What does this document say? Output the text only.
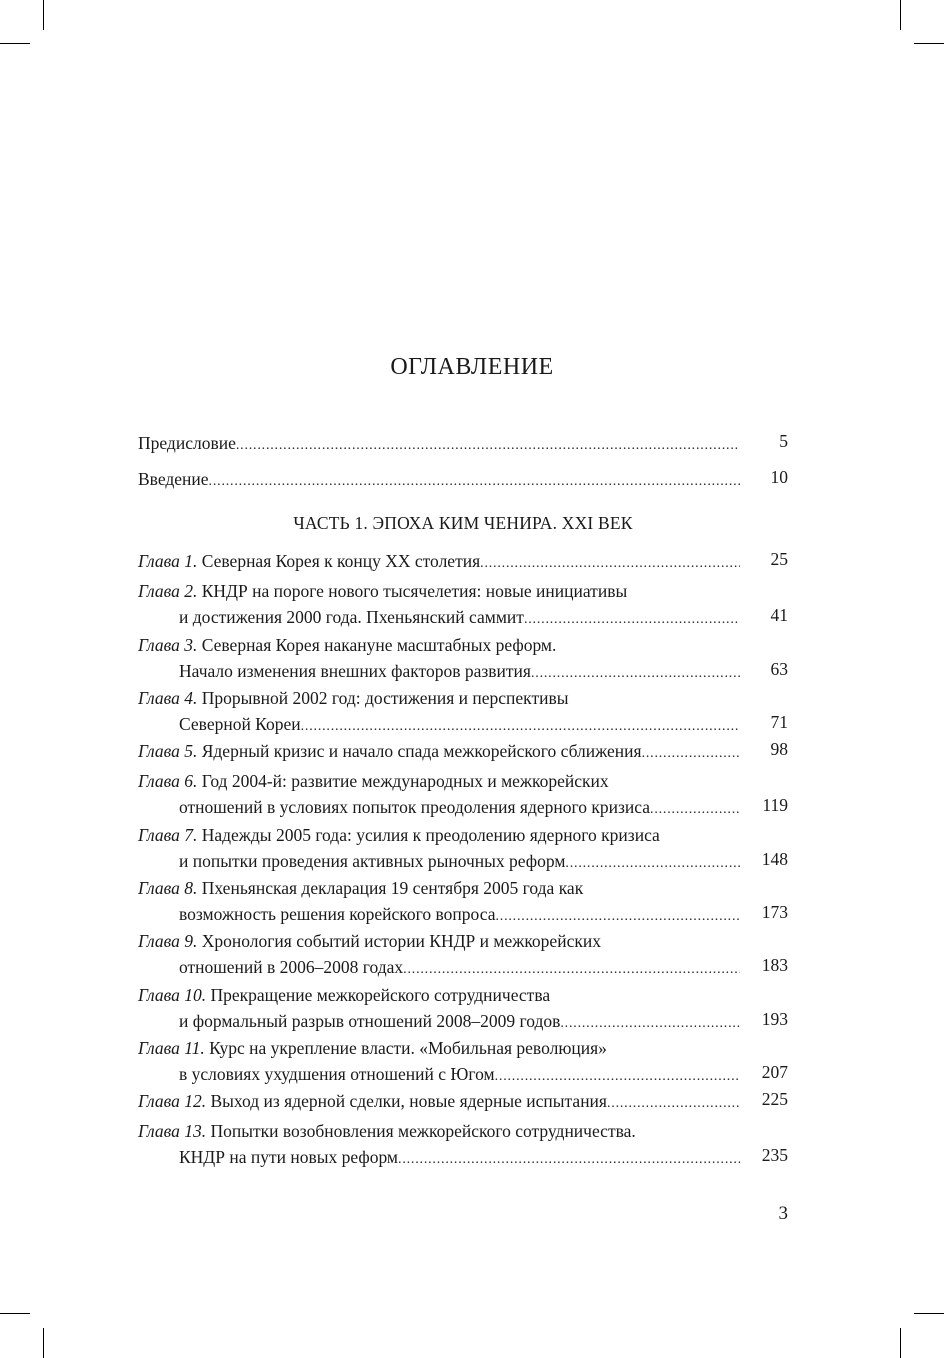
ОГЛАВЛЕНИЕ
Предисловие .....	5
Введение .....	10
ЧАСТЬ 1. ЭПОХА КИМ ЧЕНИРА. XXI ВЕК
Глава 1. Северная Корея к концу XX столетия .....	25
Глава 2. КНДР на пороге нового тысячелетия: новые инициативы
и достижения 2000 года. Пхеньянский саммит .....	41
Глава 3. Северная Корея накануне масштабных реформ.
Начало изменения внешних факторов развития .....	63
Глава 4. Прорывной 2002 год: достижения и перспективы
Северной Кореи .....	71
Глава 5. Ядерный кризис и начало спада межкорейского сближения .....	98
Глава 6. Год 2004-й: развитие международных и межкорейских
отношений в условиях попыток преодоления ядерного кризиса .....	119
Глава 7. Надежды 2005 года: усилия к преодолению ядерного кризиса
и попытки проведения активных рыночных реформ .....	148
Глава 8. Пхеньянская декларация 19 сентября 2005 года как
возможность решения корейского вопроса .....	173
Глава 9. Хронология событий истории КНДР и межкорейских
отношений в 2006–2008 годах .....	183
Глава 10. Прекращение межкорейского сотрудничества
и формальный разрыв отношений 2008–2009 годов .....	193
Глава 11. Курс на укрепление власти. «Мобильная революция»
в условиях ухудшения отношений с Югом .....	207
Глава 12. Выход из ядерной сделки, новые ядерные испытания .....	225
Глава 13. Попытки возобновления межкорейского сотрудничества.
КНДР на пути новых реформ .....	235
3
